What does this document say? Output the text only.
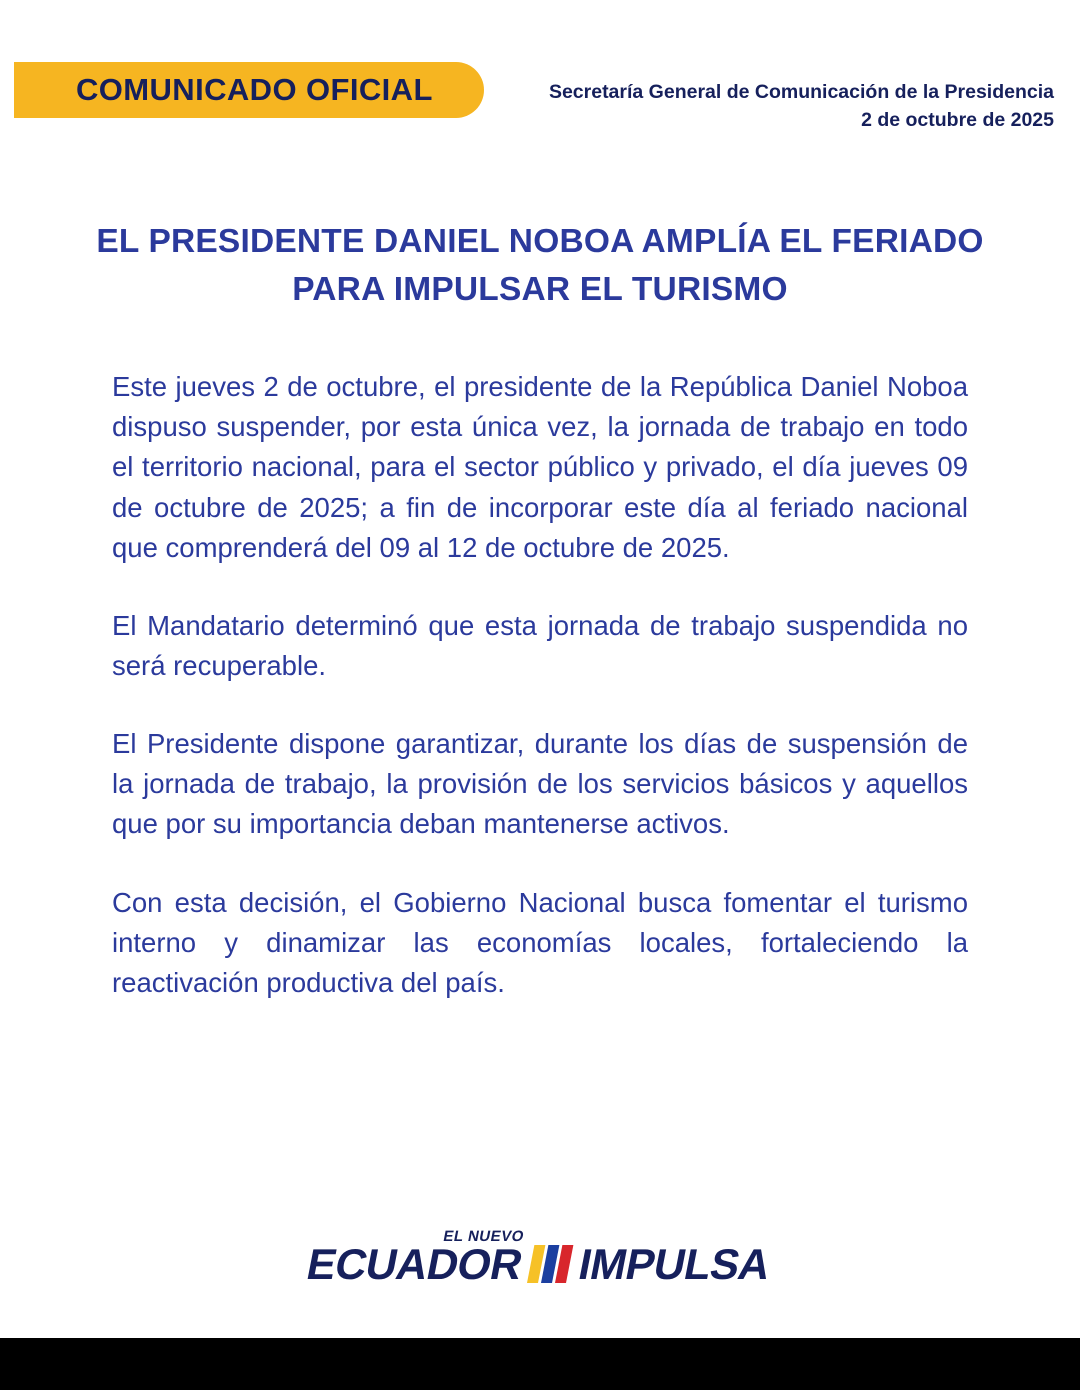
COMUNICADO OFICIAL	Secretaría General de Comunicación de la Presidencia
2 de octubre de 2025
EL PRESIDENTE DANIEL NOBOA AMPLÍA EL FERIADO PARA IMPULSAR EL TURISMO

Este jueves 2 de octubre, el presidente de la República Daniel Noboa dispuso suspender, por esta única vez, la jornada de trabajo en todo el territorio nacional, para el sector público y privado, el día jueves 09 de octubre de 2025; a fin de incorporar este día al feriado nacional que comprenderá del 09 al 12 de octubre de 2025.

El Mandatario determinó que esta jornada de trabajo suspendida no será recuperable.

El Presidente dispone garantizar, durante los días de suspensión de la jornada de trabajo, la provisión de los servicios básicos y aquellos que por su importancia deban mantenerse activos.

Con esta decisión, el Gobierno Nacional busca fomentar el turismo interno y dinamizar las economías locales, fortaleciendo la reactivación productiva del país.

EL NUEVO
ECUADOR IMPULSA
